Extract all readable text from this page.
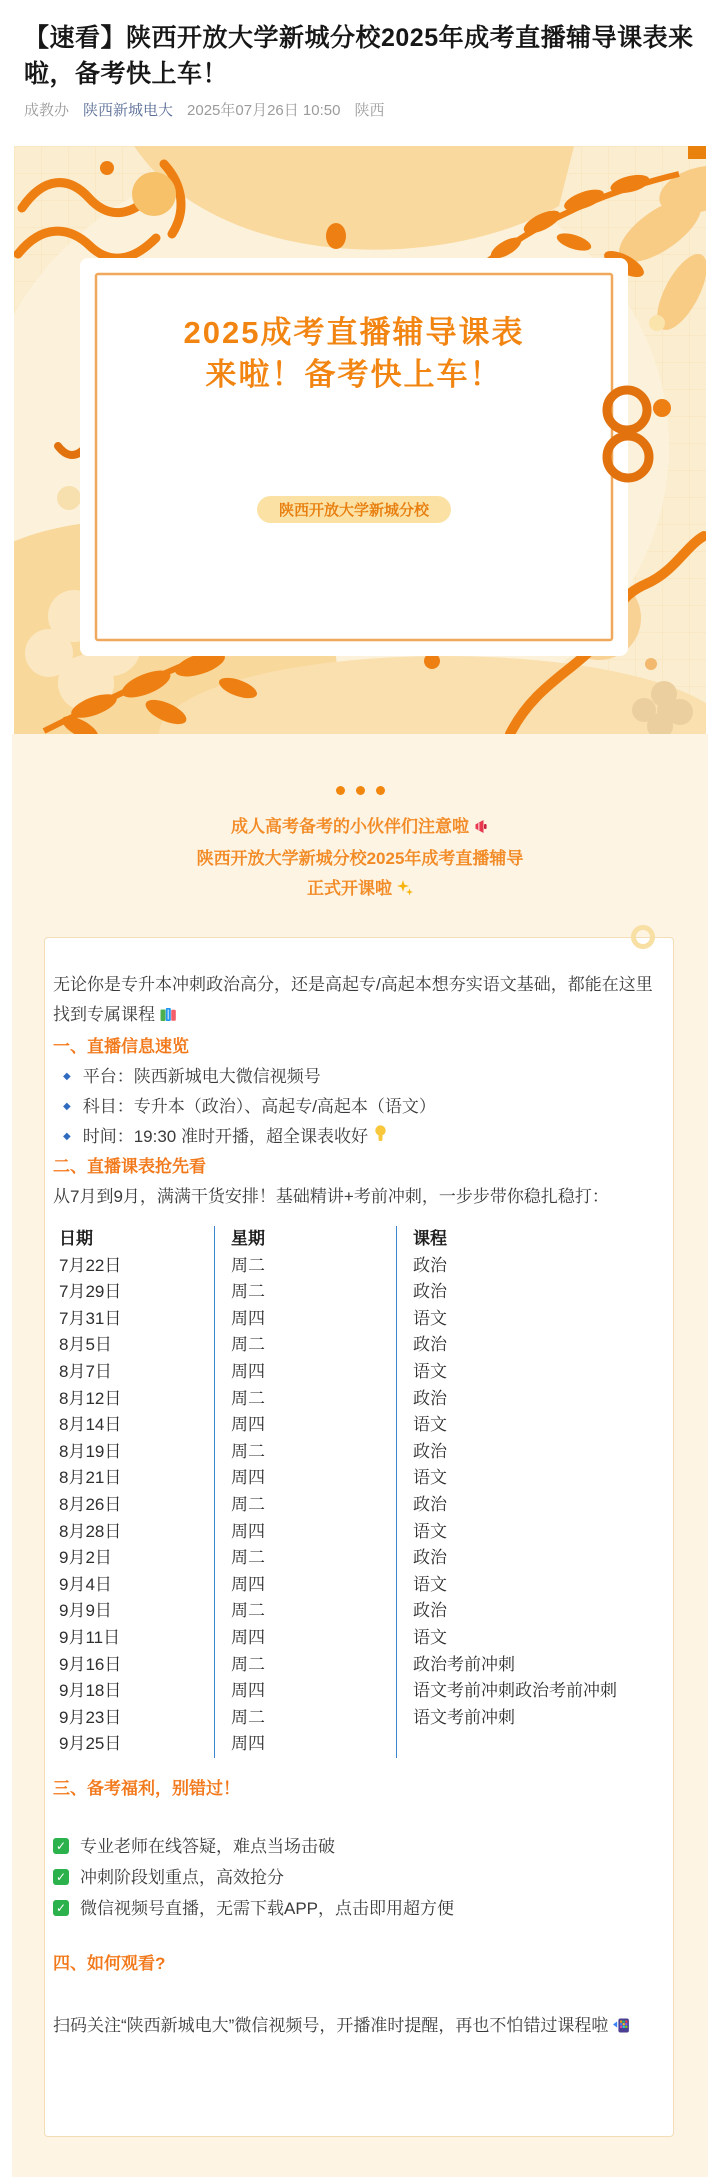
【速看】陕西开放大学新城分校2025年成考直播辅导课表来啦，备考快上车！
成教办 陕西新城电大 2025年07月26日 10:50 陕西
2025成考直播辅导课表
来啦！备考快上车！
陕西开放大学新城分校
成人高考备考的小伙伴们注意啦
陕西开放大学新城分校2025年成考直播辅导
正式开课啦
无论你是专升本冲刺政治高分，还是高起专/高起本想夯实语文基础，都能在这里找到专属课程
一、直播信息速览
◆ 平台：陕西新城电大微信视频号
◆ 科目：专升本（政治）、高起专/高起本（语文）
◆ 时间：19:30 准时开播，超全课表收好
二、直播课表抢先看
从7月到9月，满满干货安排！基础精讲+考前冲刺，一步步带你稳扎稳打：
日期	星期	课程
7月22日	周二	政治
7月29日	周二	政治
7月31日	周四	语文
8月5日	周二	政治
8月7日	周四	语文
8月12日	周二	政治
8月14日	周四	语文
8月19日	周二	政治
8月21日	周四	语文
8月26日	周二	政治
8月28日	周四	语文
9月2日	周二	政治
9月4日	周四	语文
9月9日	周二	政治
9月11日	周四	语文
9月16日	周二	政治考前冲刺
9月18日	周四	语文考前冲刺政治考前冲刺
9月23日	周二	语文考前冲刺
9月25日	周四
三、备考福利，别错过！
✓ 专业老师在线答疑，难点当场击破
✓ 冲刺阶段划重点，高效抢分
✓ 微信视频号直播，无需下载APP，点击即用超方便
四、如何观看?
扫码关注“陕西新城电大”微信视频号，开播准时提醒，再也不怕错过课程啦
